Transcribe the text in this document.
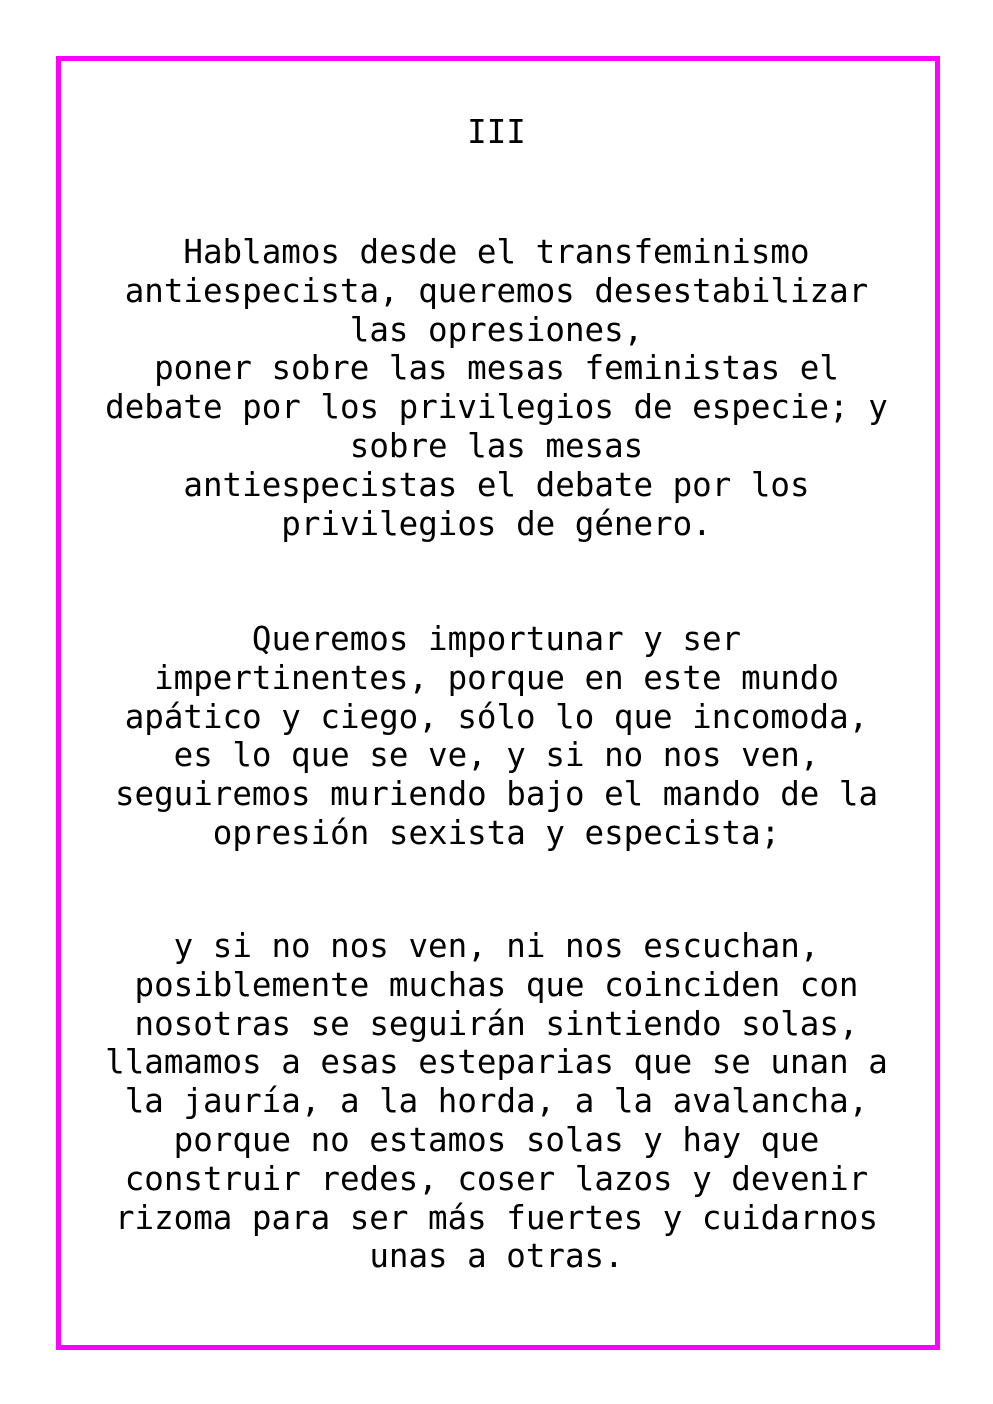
III

Hablamos desde el transfeminismo
antiespecista, queremos desestabilizar
las opresiones,
poner sobre las mesas feministas el
debate por los privilegios de especie; y
sobre las mesas
antiespecistas el debate por los
privilegios de género.

Queremos importunar y ser
impertinentes, porque en este mundo
apático y ciego, sólo lo que incomoda,
es lo que se ve, y si no nos ven,
seguiremos muriendo bajo el mando de la
opresión sexista y especista;

y si no nos ven, ni nos escuchan,
posiblemente muchas que coinciden con
nosotras se seguirán sintiendo solas,
llamamos a esas esteparias que se unan a
la jauría, a la horda, a la avalancha,
porque no estamos solas y hay que
construir redes, coser lazos y devenir
rizoma para ser más fuertes y cuidarnos
unas a otras.
